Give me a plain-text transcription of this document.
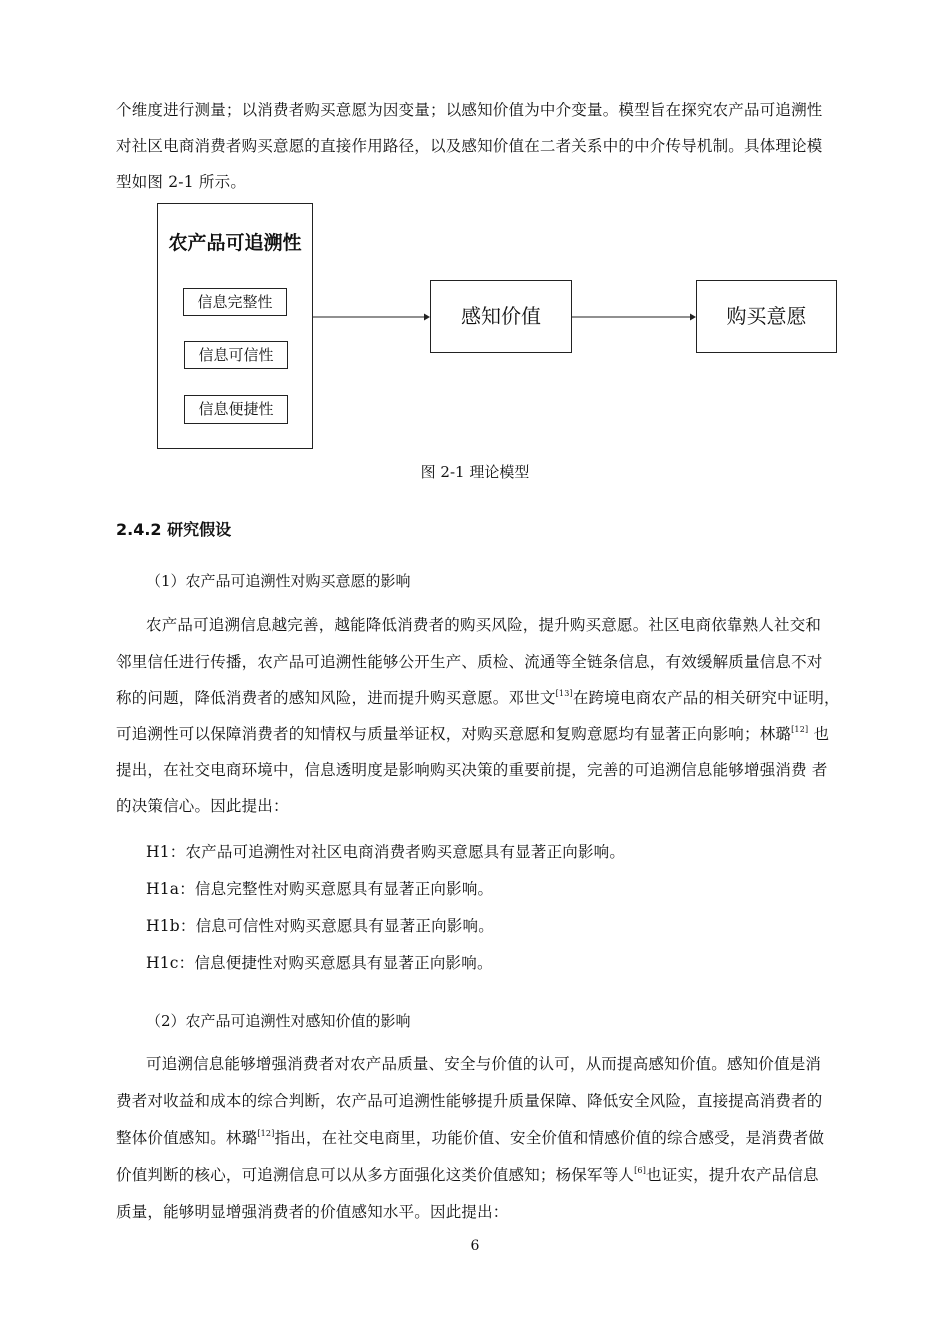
个维度进行测量；以消费者购买意愿为因变量；以感知价值为中介变量。模型旨在探究农产品可追溯性
对社区电商消费者购买意愿的直接作用路径，以及感知价值在二者关系中的中介传导机制。具体理论模
型如图 2-1 所示。
农产品可追溯性
信息完整性
信息可信性
信息便捷性
感知价值	购买意愿
图 2-1 理论模型
2.4.2 研究假设
（1）农产品可追溯性对购买意愿的影响
农产品可追溯信息越完善，越能降低消费者的购买风险，提升购买意愿。社区电商依靠熟人社交和
邻里信任进行传播，农产品可追溯性能够公开生产、质检、流通等全链条信息，有效缓解质量信息不对
称的问题，降低消费者的感知风险，进而提升购买意愿。邓世文[13]在跨境电商农产品的相关研究中证明，
可追溯性可以保障消费者的知情权与质量举证权，对购买意愿和复购意愿均有显著正向影响；林璐[12] 也
提出，在社交电商环境中，信息透明度是影响购买决策的重要前提，完善的可追溯信息能够增强消费 者
的决策信心。因此提出：
H1：农产品可追溯性对社区电商消费者购买意愿具有显著正向影响。
H1a：信息完整性对购买意愿具有显著正向影响。
H1b：信息可信性对购买意愿具有显著正向影响。
H1c：信息便捷性对购买意愿具有显著正向影响。
（2）农产品可追溯性对感知价值的影响
可追溯信息能够增强消费者对农产品质量、安全与价值的认可，从而提高感知价值。感知价值是消
费者对收益和成本的综合判断，农产品可追溯性能够提升质量保障、降低安全风险，直接提高消费者的
整体价值感知。林璐[12]指出，在社交电商里，功能价值、安全价值和情感价值的综合感受，是消费者做
价值判断的核心，可追溯信息可以从多方面强化这类价值感知；杨保军等人[6]也证实，提升农产品信息
质量，能够明显增强消费者的价值感知水平。因此提出：
6
